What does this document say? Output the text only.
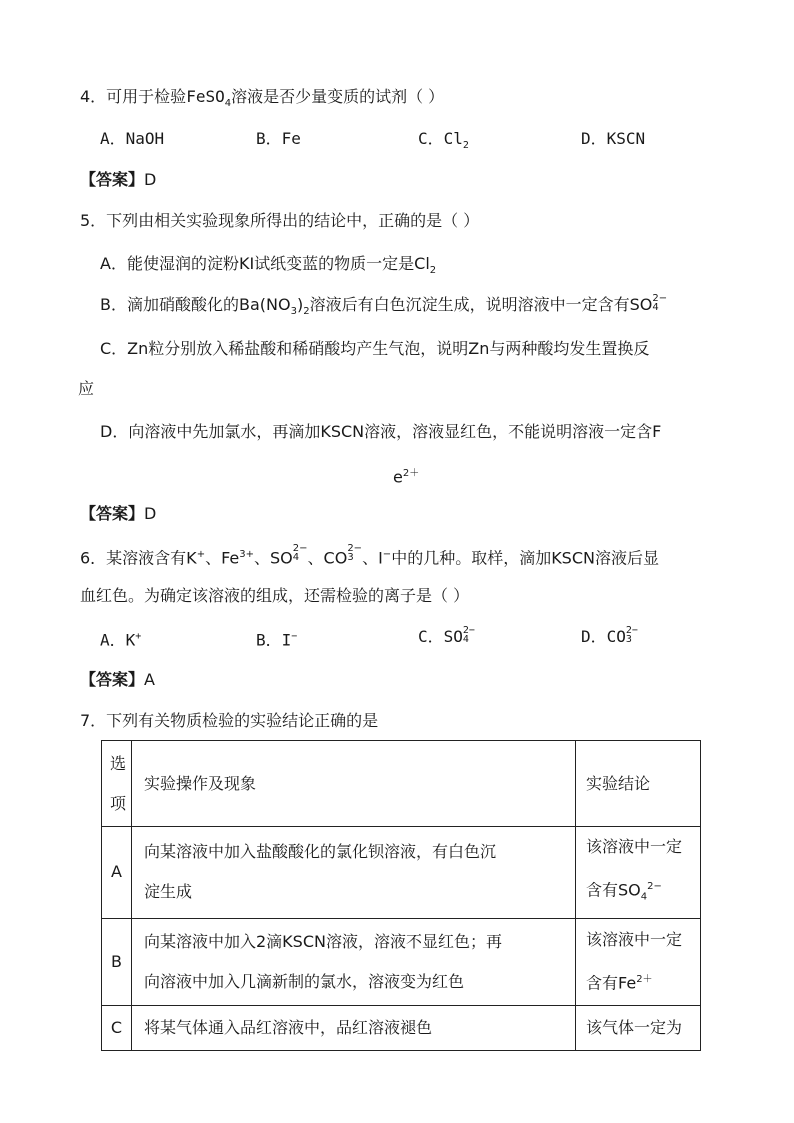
4．可用于检验FeSO$_4$溶液是否少量变质的试剂（ ）
A．NaOH	B．Fe	C．$Cl_2$	D．KSCN
【答案】D
5．下列由相关实验现象所得出的结论中，正确的是（ ）
A．能使湿润的淀粉KI试纸变蓝的物质一定是$Cl_2$
B．滴加硝酸酸化的$Ba(NO_3)_2$溶液后有白色沉淀生成，说明溶液中一定含有SO 2−
4
C．Zn粒分别放入稀盐酸和稀硝酸均产生气泡，说明Zn与两种酸均发生置换反
应
D．向溶液中先加氯水，再滴加KSCN溶液，溶液显红色，不能说明溶液一定含F
$e^{2+}$
【答案】D
6．某溶液含有K+、$Fe^{3+}$、SO 2−
4 、CO 2−
3 、I−中的几种。取样，滴加KSCN溶液后显
血红色。为确定该溶液的组成，还需检验的离子是（ ）
A．K+	B．I−	C．SO 2−
4	D．CO 2−
3
【答案】A
7．下列有关物质检验的实验结论正确的是
选
项	实验操作及现象	实验结论
A	向某溶液中加入盐酸酸化的氯化钡溶液，有白色沉
淀生成	该溶液中一定
含有$SO_4^{2-}$

B	向某溶液中加入2滴KSCN溶液，溶液不显红色；再
向溶液中加入几滴新制的氯水，溶液变为红色	该溶液中一定
含有$Fe^{2+}$

C	将某气体通入品红溶液中，品红溶液褪色	该气体一定为
